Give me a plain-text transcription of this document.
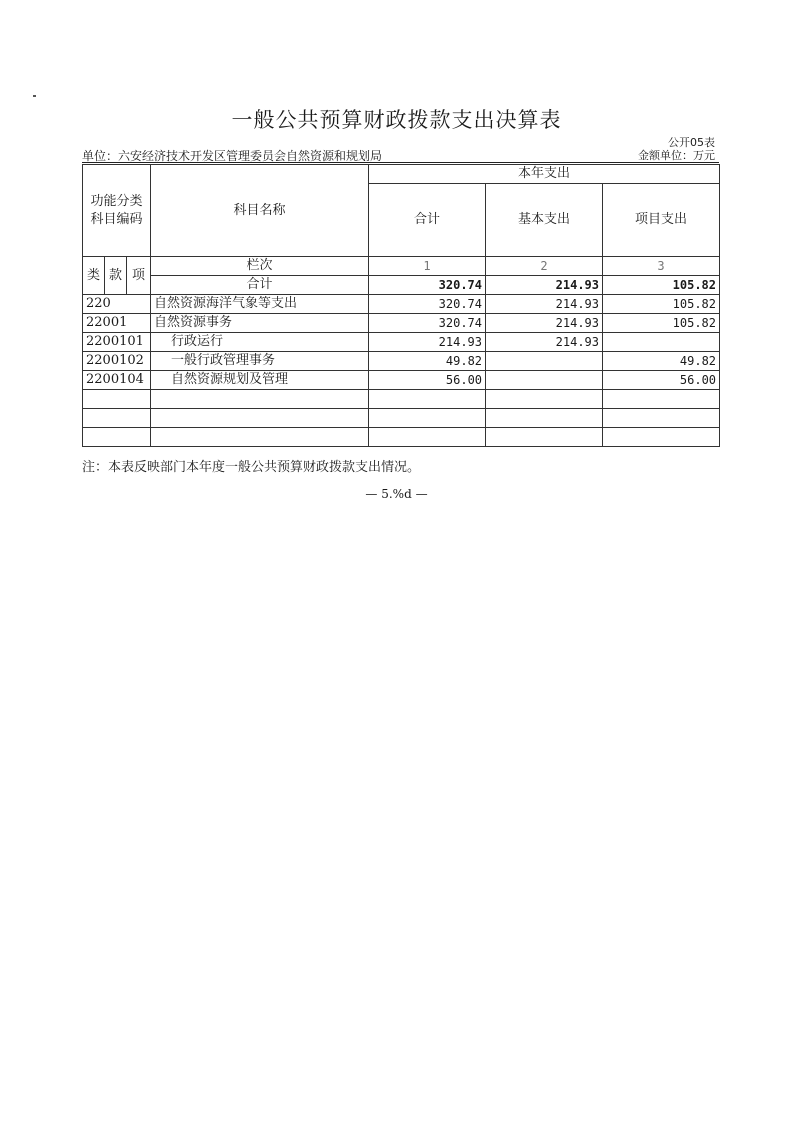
一般公共预算财政拨款支出决算表
公开05表
单位：六安经济技术开发区管理委员会自然资源和规划局	金额单位：万元
功能分类科目编码			科目名称	本年支出			
				合计	基本支出	项目支出	

类	款	项	栏次	1	2	3	
			合计	320.74	214.93	105.82	
220			自然资源海洋气象等支出	320.74	214.93	105.82	
22001			自然资源事务	320.74	214.93	105.82	
2200101			行政运行	214.93	214.93		
2200102			一般行政管理事务	49.82		49.82	
2200104			自然资源规划及管理	56.00		56.00	

注：本表反映部门本年度一般公共预算财政拨款支出情况。
— 5.%d —
